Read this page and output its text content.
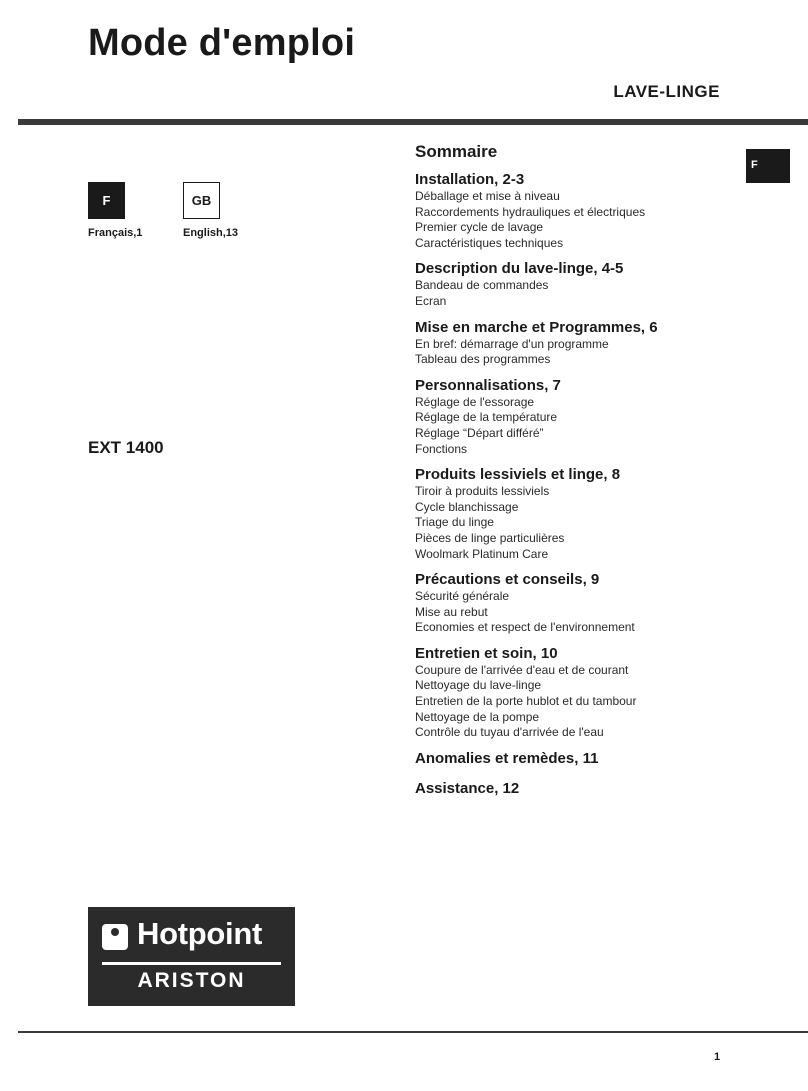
Mode d'emploi
LAVE-LINGE
F	GB
Français,1	English,13
EXT 1400
Hotpoint
ARISTON
F
Sommaire
Installation, 2-3
Déballage et mise à niveau
Raccordements hydrauliques et électriques
Premier cycle de lavage
Caractéristiques techniques
Description du lave-linge, 4-5
Bandeau de commandes
Ecran
Mise en marche et Programmes, 6
En bref: démarrage d'un programme
Tableau des programmes
Personnalisations, 7
Réglage de l'essorage
Réglage de la température
Réglage “Départ différé”
Fonctions
Produits lessiviels et linge, 8
Tiroir à produits lessiviels
Cycle blanchissage
Triage du linge
Pièces de linge particulières
Woolmark Platinum Care
Précautions et conseils, 9
Sécurité générale
Mise au rebut
Economies et respect de l'environnement
Entretien et soin, 10
Coupure de l'arrivée d'eau et de courant
Nettoyage du lave-linge
Entretien de la porte hublot et du tambour
Nettoyage de la pompe
Contrôle du tuyau d'arrivée de l'eau
Anomalies et remèdes, 11
Assistance, 12
1
